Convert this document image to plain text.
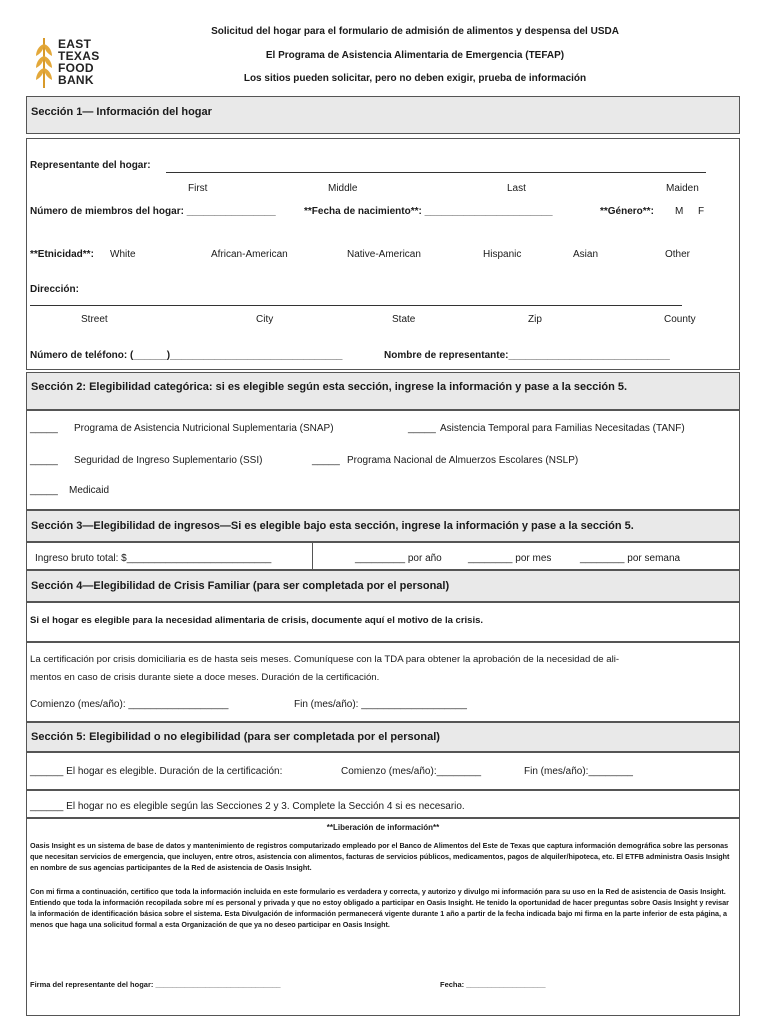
EAST
TEXAS
FOOD
BANK
Solicitud del hogar para el formulario de admisión de alimentos y despensa del USDA
El Programa de Asistencia Alimentaria de Emergencia (TEFAP)
Los sitios pueden solicitar, pero no deben exigir, prueba de información
Sección 1— Información del hogar
Representante del hogar:
First	Middle	Last	Maiden
Número de miembros del hogar: ________________	**Fecha de nacimiento**: _______________________	**Género**: M F
**Etnicidad**: White	African-American	Native-American	Hispanic	Asian	Other
Dirección:
Street	City	State	Zip	County
Número de teléfono: (______)_______________________________	Nombre de representante:_____________________________
Sección 2: Elegibilidad categórica: si es elegible según esta sección, ingrese la información y pase a la sección 5.
_____ Programa de Asistencia Nutricional Suplementaria (SNAP)	_____ Asistencia Temporal para Familias Necesitadas (TANF)
_____ Seguridad de Ingreso Suplementario (SSI)	_____ Programa Nacional de Almuerzos Escolares (NSLP)
_____ Medicaid
Sección 3—Elegibilidad de ingresos—Si es elegible bajo esta sección, ingrese la información y pase a la sección 5.
Ingreso bruto total: $__________________________	_________ por año	________ por mes	________ por semana
Sección 4—Elegibilidad de Crisis Familiar (para ser completada por el personal)
Si el hogar es elegible para la necesidad alimentaria de crisis, documente aquí el motivo de la crisis.
La certificación por crisis domiciliaria es de hasta seis meses. Comuníquese con la TDA para obtener la aprobación de la necesidad de ali-
mentos en caso de crisis durante siete a doce meses. Duración de la certificación.
Comienzo (mes/año): __________________	Fin (mes/año): ___________________
Sección 5: Elegibilidad o no elegibilidad (para ser completada por el personal)
______ El hogar es elegible. Duración de la certificación:	Comienzo (mes/año):________	Fin (mes/año):________
______ El hogar no es elegible según las Secciones 2 y 3. Complete la Sección 4 si es necesario.
**Liberación de información**
Oasis Insight es un sistema de base de datos y mantenimiento de registros computarizado empleado por el Banco de Alimentos del Este de Texas que captura información demográfica sobre las personas que necesitan servicios de emergencia, que incluyen, entre otros, asistencia con alimentos, facturas de servicios públicos, medicamentos, pagos de alquiler/hipoteca, etc. El ETFB administra Oasis Insight en nombre de sus agencias participantes de la Red de asistencia de Oasis Insight.
Con mi firma a continuación, certifico que toda la información incluida en este formulario es verdadera y correcta, y autorizo y divulgo mi información para su uso en la Red de asistencia de Oasis Insight. Entiendo que toda la información recopilada sobre mí es personal y privada y que no estoy obligado a participar en Oasis Insight. He tenido la oportunidad de hacer preguntas sobre Oasis Insight y revisar la información de identificación básica sobre el sistema. Esta Divulgación de información permanecerá vigente durante 1 año a partir de la fecha indicada bajo mi firma en la parte inferior de esta página, a menos que haga una solicitud formal a esta Organización de que ya no deseo participar en Oasis Insight.
Firma del representante del hogar: ______________________________	Fecha: ___________________
